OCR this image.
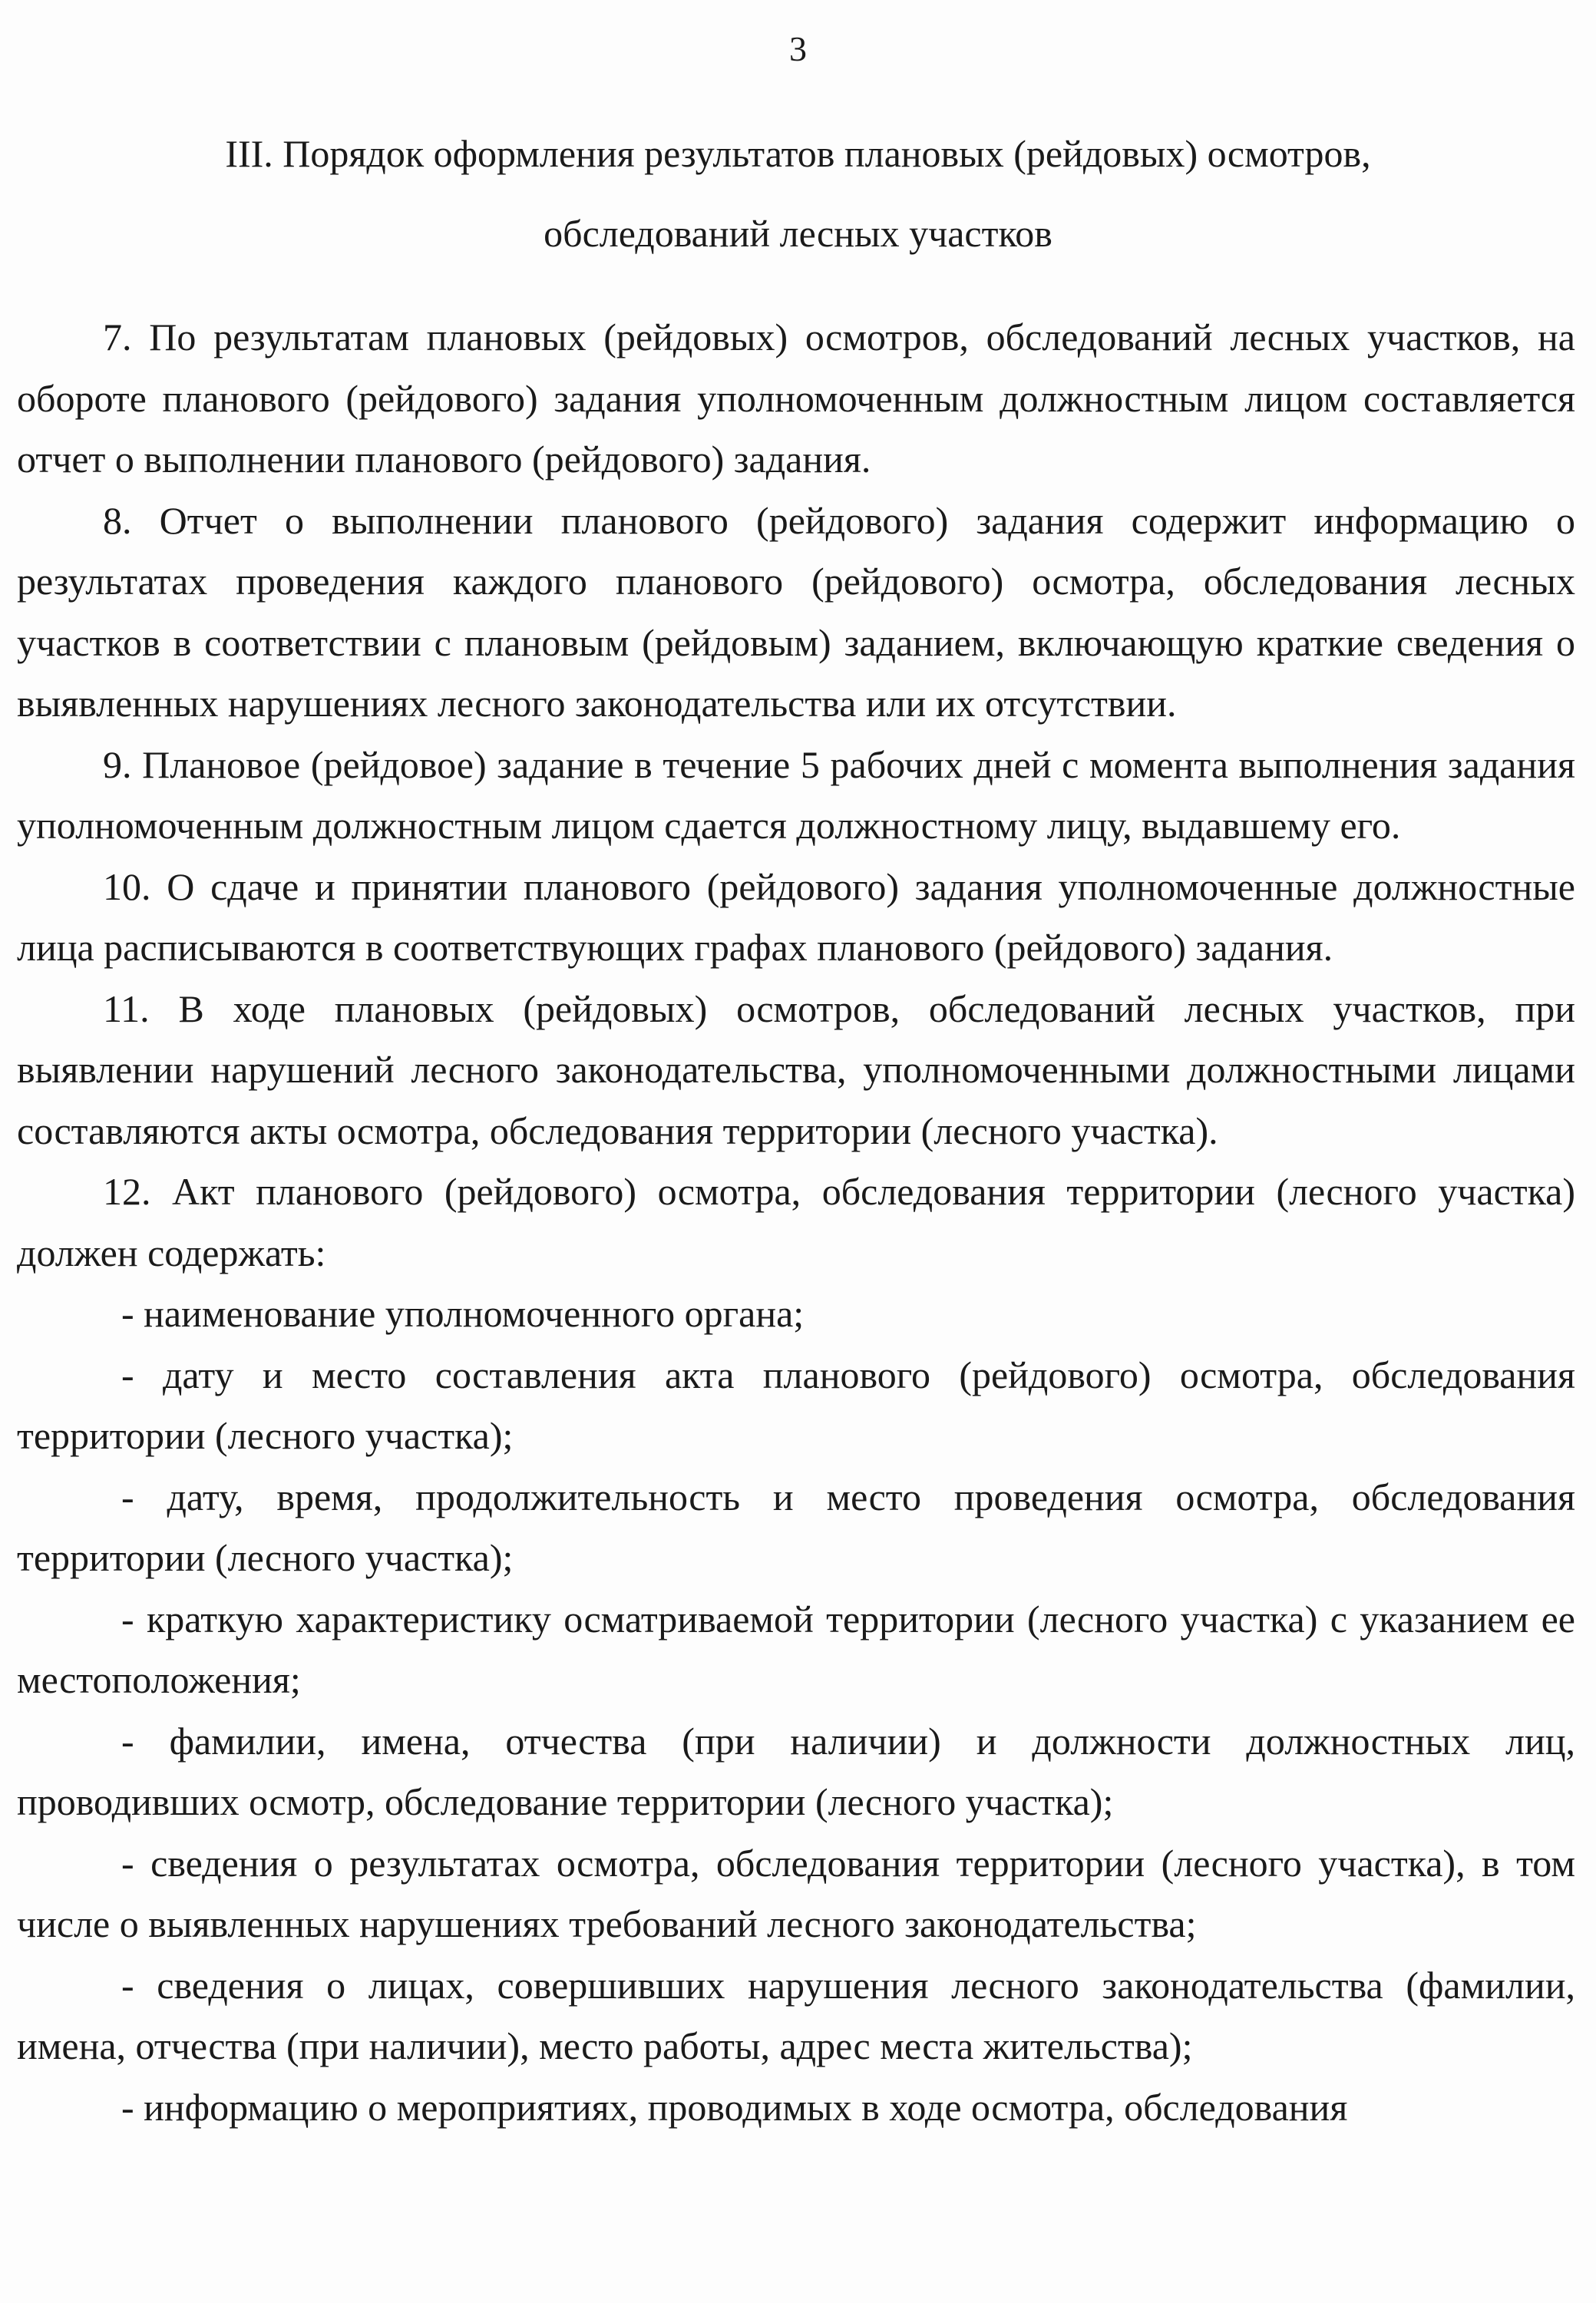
3
III. Порядок оформления результатов плановых (рейдовых) осмотров,
обследований лесных участков

7. По результатам плановых (рейдовых) осмотров, обследований лесных участков, на обороте планового (рейдового) задания уполномоченным должностным лицом составляется отчет о выполнении планового (рейдового) задания.

8. Отчет о выполнении планового (рейдового) задания содержит информацию о результатах проведения каждого планового (рейдового) осмотра, обследования лесных участков в соответствии с плановым (рейдовым) заданием, включающую краткие сведения о выявленных нарушениях лесного законодательства или их отсутствии.

9. Плановое (рейдовое) задание в течение 5 рабочих дней с момента выполнения задания уполномоченным должностным лицом сдается должностному лицу, выдавшему его.

10. О сдаче и принятии планового (рейдового) задания уполномоченные должностные лица расписываются в соответствующих графах планового (рейдового) задания.

11. В ходе плановых (рейдовых) осмотров, обследований лесных участков, при выявлении нарушений лесного законодательства, уполномоченными должностными лицами составляются акты осмотра, обследования территории (лесного участка).

12. Акт планового (рейдового) осмотра, обследования территории (лесного участка) должен содержать:

- наименование уполномоченного органа;

- дату и место составления акта планового (рейдового) осмотра, обследования территории (лесного участка);

- дату, время, продолжительность и место проведения осмотра, обследования территории (лесного участка);

- краткую характеристику осматриваемой территории (лесного участка) с указанием ее местоположения;

- фамилии, имена, отчества (при наличии) и должности должностных лиц, проводивших осмотр, обследование территории (лесного участка);

- сведения о результатах осмотра, обследования территории (лесного участка), в том числе о выявленных нарушениях требований лесного законодательства;

- сведения о лицах, совершивших нарушения лесного законодательства (фамилии, имена, отчества (при наличии), место работы, адрес места жительства);

- информацию о мероприятиях, проводимых в ходе осмотра, обследования
